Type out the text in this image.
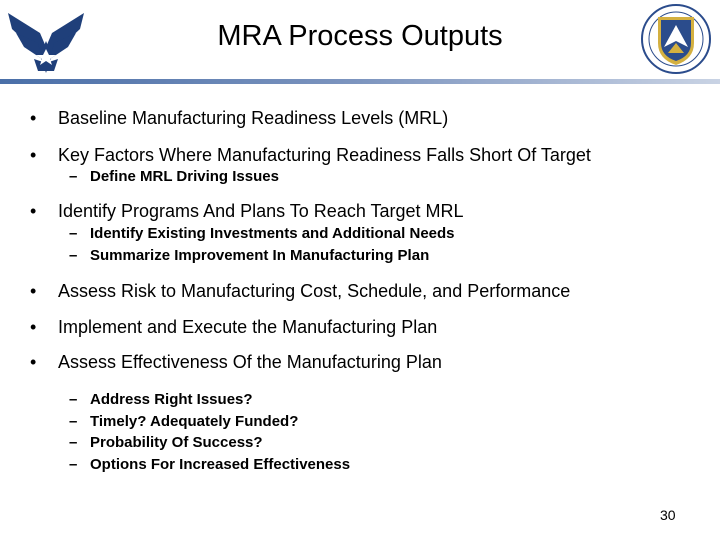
MRA Process Outputs
• Baseline Manufacturing Readiness Levels (MRL)
• Key Factors Where Manufacturing Readiness Falls Short Of Target
– Define MRL Driving Issues
• Identify Programs And Plans To Reach Target MRL
– Identify Existing Investments and Additional Needs
– Summarize Improvement In Manufacturing Plan
• Assess Risk to Manufacturing Cost, Schedule, and Performance
• Implement and Execute the Manufacturing Plan
• Assess Effectiveness Of the Manufacturing Plan
– Address Right Issues?
– Timely? Adequately Funded?
– Probability Of Success?
– Options For Increased Effectiveness
30
